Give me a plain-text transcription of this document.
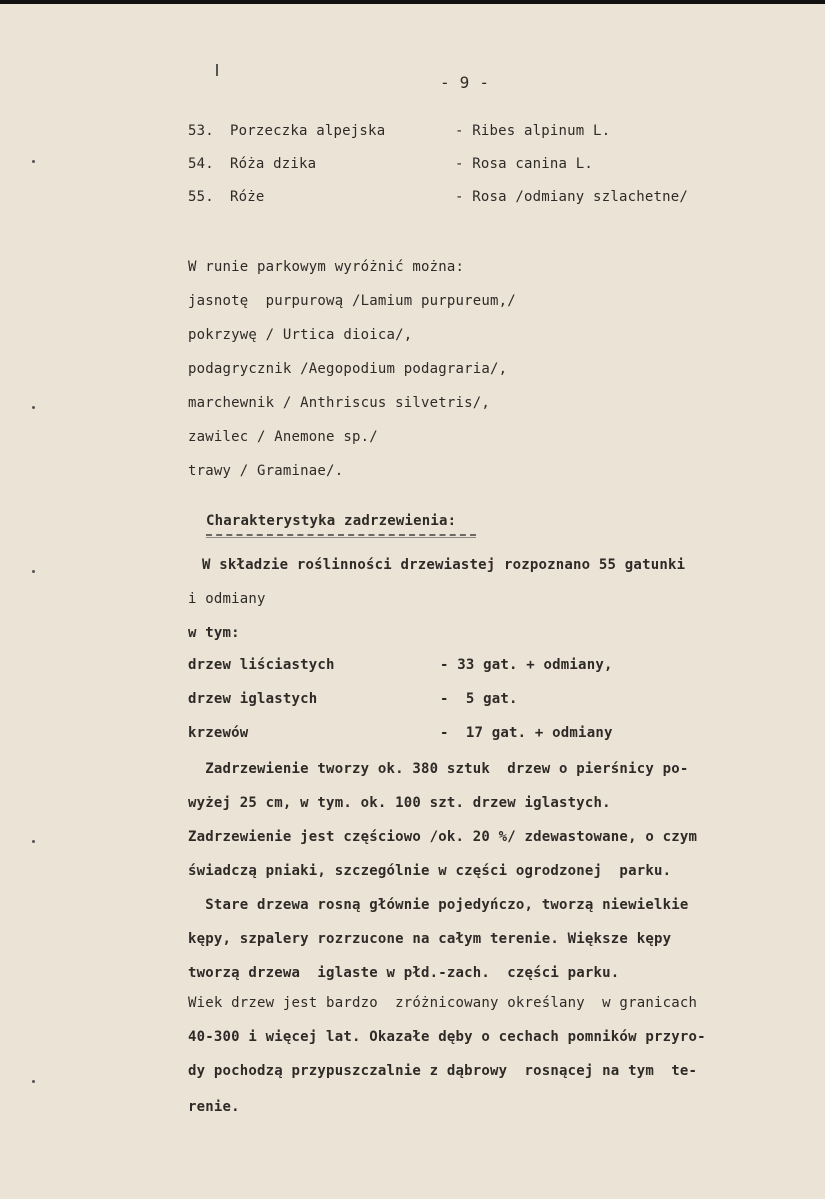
- 9 -
53. Porzeczka alpejska	- Ribes alpinum L.
54. Róża dzika	- Rosa canina L.
55. Róże	- Rosa /odmiany szlachetne/
W runie parkowym wyróżnić można:
jasnotę  purpurową /Lamium purpureum,/
pokrzywę / Urtica dioica/,
podagrycznik /Aegopodium podagraria/,
marchewnik / Anthriscus silvetris/,
zawilec / Anemone sp./
trawy / Graminae/.
Charakterystyka zadrzewienia:
W składzie roślinności drzewiastej rozpoznano 55 gatunki
i odmiany
w tym:
drzew liściastych	- 33 gat. + odmiany,
drzew iglastych	-  5 gat.
krzewów	-  17 gat. + odmiany
Zadrzewienie tworzy ok. 380 sztuk  drzew o pierśnicy po-
wyżej 25 cm, w tym. ok. 100 szt. drzew iglastych.
Zadrzewienie jest częściowo /ok. 20 %/ zdewastowane, o czym
świadczą pniaki, szczególnie w części ogrodzonej  parku.
Stare drzewa rosną głównie pojedyńczo, tworzą niewielkie
kępy, szpalery rozrzucone na całym terenie. Większe kępy
tworzą drzewa  iglaste w płd.-zach.  części parku.
Wiek drzew jest bardzo  zróżnicowany określany  w granicach
40-300 i więcej lat. Okazałe dęby o cechach pomników przyro-
dy pochodzą przypuszczalnie z dąbrowy  rosnącej na tym  te-
renie.
